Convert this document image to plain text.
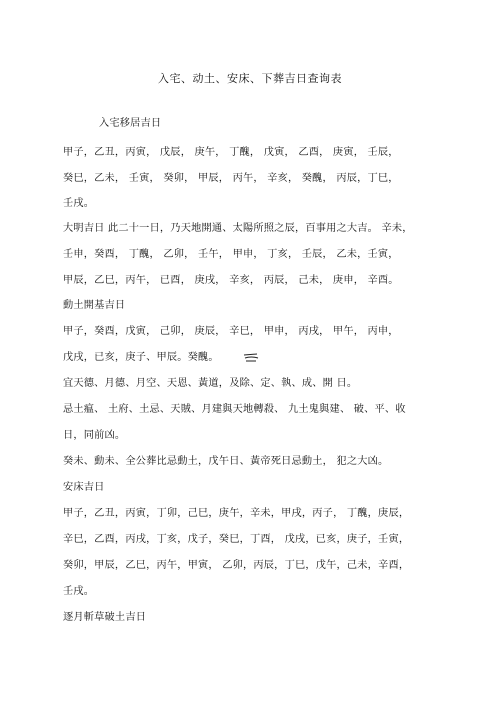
入宅、动土、安床、下葬吉日查询表
入宅移居吉日
甲子，乙丑，丙寅， 戊辰， 庚午， 丁醜， 戊寅， 乙酉， 庚寅， 壬辰，
癸巳，乙未， 壬寅， 癸卯， 甲辰， 丙午， 辛亥， 癸醜， 丙辰，丁巳，
壬戌。
大明吉日 此二十一日，乃天地開通、太陽所照之辰，百事用之大吉。 辛未，
壬申，癸酉， 丁醜， 乙卯， 壬午， 甲申， 丁亥， 壬辰， 乙未，壬寅，
甲辰，乙巳，丙午， 已酉， 庚戌， 辛亥， 丙辰， 己未， 庚申， 辛酉。
動土開基吉日
甲子，癸酉，戊寅， 己卯， 庚辰， 辛巳， 甲申， 丙戌， 甲午， 丙申，
戊戌，已亥，庚子、甲辰。癸醜。
宜天德、月德、月空、天恩、黃道，及除、定、執、成、開 日。
忌土瘟、 土府、土忌、天賊、月建與天地轉殺、 九土鬼與建、 破、平、收
日，同前凶。
癸未、動未、全公葬比忌動土，戊午日、黃帝死日忌動土， 犯之大凶。
安床吉日
甲子，乙丑，丙寅，丁卯，己巳，庚午，辛未，甲戌，丙子， 丁醜，庚辰，
辛巳，乙酉，丙戌，丁亥，戊子，癸巳，丁酉， 戊戌，已亥，庚子，壬寅，
癸卯，甲辰，乙巳，丙午，甲寅， 乙卯，丙辰，丁巳，戊午，己未，辛酉，
壬戌。
逐月斬草破土吉日
